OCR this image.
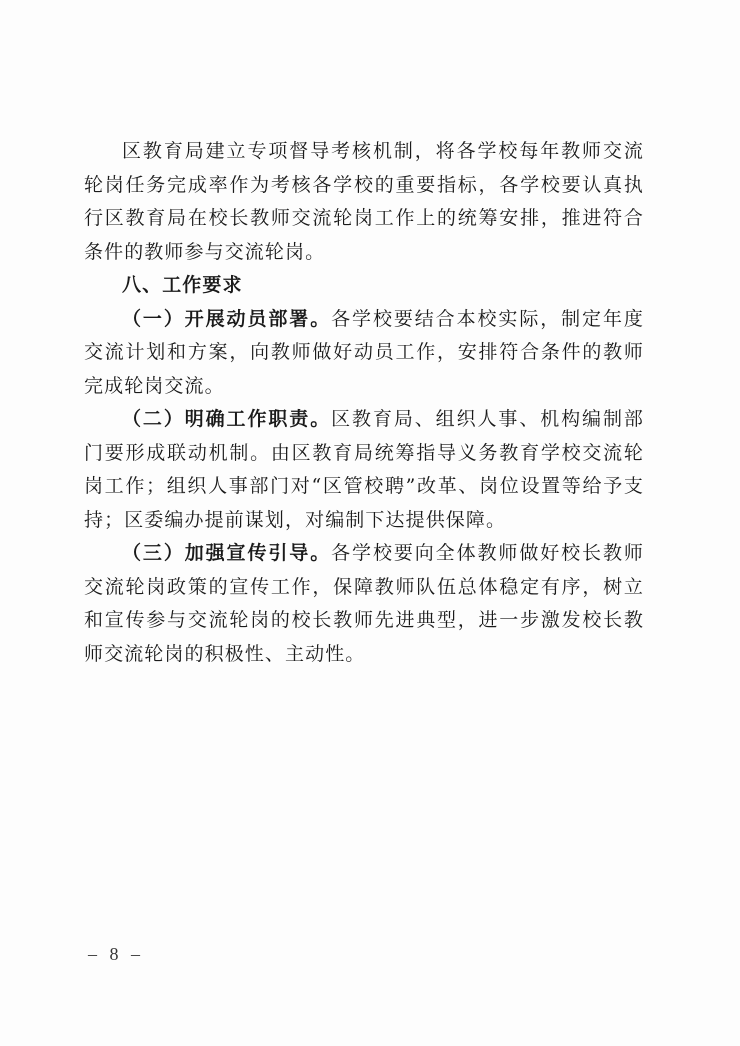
区教育局建立专项督导考核机制，将各学校每年教师交流轮岗任务完成率作为考核各学校的重要指标，各学校要认真执行区教育局在校长教师交流轮岗工作上的统筹安排，推进符合条件的教师参与交流轮岗。

八、工作要求

（一）开展动员部署。各学校要结合本校实际，制定年度交流计划和方案，向教师做好动员工作，安排符合条件的教师完成轮岗交流。

（二）明确工作职责。区教育局、组织人事、机构编制部门要形成联动机制。由区教育局统筹指导义务教育学校交流轮岗工作；组织人事部门对“区管校聘”改革、岗位设置等给予支持；区委编办提前谋划，对编制下达提供保障。

（三）加强宣传引导。各学校要向全体教师做好校长教师交流轮岗政策的宣传工作，保障教师队伍总体稳定有序，树立和宣传参与交流轮岗的校长教师先进典型，进一步激发校长教师交流轮岗的积极性、主动性。

– 8 –
